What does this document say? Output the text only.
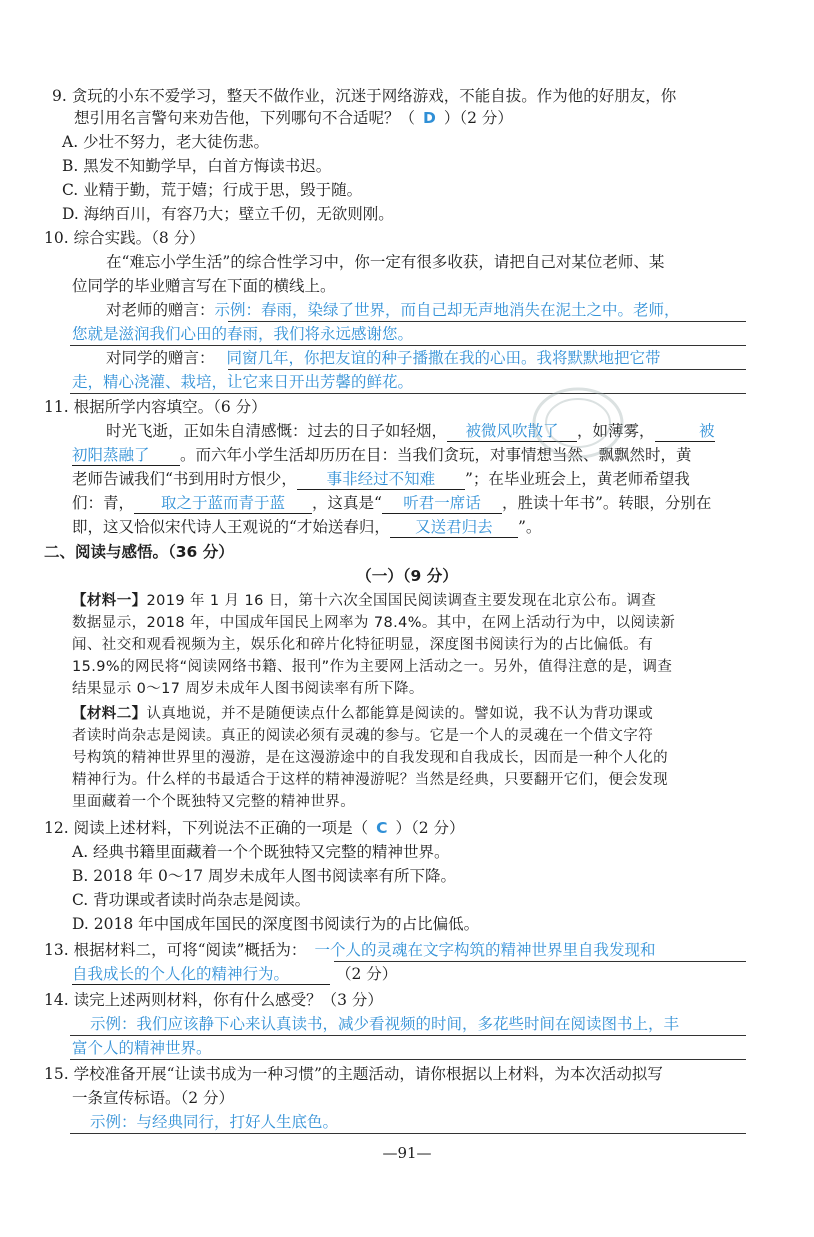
9. 贪玩的小东不爱学习，整天不做作业，沉迷于网络游戏，不能自拔。作为他的好朋友，你
想引用名言警句来劝告他，下列哪句不合适呢？（ D ）（2 分）
A. 少壮不努力，老大徒伤悲。
B. 黑发不知勤学早，白首方悔读书迟。
C. 业精于勤，荒于嬉；行成于思，毁于随。
D. 海纳百川，有容乃大；壁立千仞，无欲则刚。
10. 综合实践。（8 分）
在“难忘小学生活”的综合性学习中，你一定有很多收获，请把自己对某位老师、某
位同学的毕业赠言写在下面的横线上。
对老师的赠言：示例：春雨，染绿了世界，而自己却无声地消失在泥土之中。老师，
您就是滋润我们心田的春雨，我们将永远感谢您。
对同学的赠言： 同窗几年，你把友谊的种子播撒在我的心田。我将默默地把它带
走，精心浇灌、栽培，让它来日开出芳馨的鲜花。
11. 根据所学内容填空。（6 分）
时光飞逝，正如朱自清感慨：过去的日子如轻烟， 被微风吹散了 ，如薄雾，	被
初阳蒸融了 。而六年小学生活却历历在目：当我们贪玩，对事情想当然、飘飘然时，黄
老师告诫我们“书到用时方恨少， 事非经过不知难 ”；在毕业班会上，黄老师希望我
们：青， 取之于蓝而青于蓝 ，这真是“ 听君一席话 ，胜读十年书”。转眼，分别在
即，这又恰似宋代诗人王观说的“才始送春归， 又送君归去 ”。
二、阅读与感悟。（36 分）
（一）（9 分）
【材料一】2019 年 1 月 16 日，第十六次全国国民阅读调查主要发现在北京公布。调查
数据显示，2018 年，中国成年国民上网率为 78.4%。其中，在网上活动行为中，以阅读新
闻、社交和观看视频为主，娱乐化和碎片化特征明显，深度图书阅读行为的占比偏低。有
15.9%的网民将“阅读网络书籍、报刊”作为主要网上活动之一。另外，值得注意的是，调查
结果显示 0～17 周岁未成年人图书阅读率有所下降。
【材料二】认真地说，并不是随便读点什么都能算是阅读的。譬如说，我不认为背功课或
者读时尚杂志是阅读。真正的阅读必须有灵魂的参与。它是一个人的灵魂在一个借文字符
号构筑的精神世界里的漫游，是在这漫游途中的自我发现和自我成长，因而是一种个人化的
精神行为。什么样的书最适合于这样的精神漫游呢？当然是经典，只要翻开它们，便会发现
里面藏着一个个既独特又完整的精神世界。
12. 阅读上述材料，下列说法不正确的一项是（ C ）（2 分）
A. 经典书籍里面藏着一个个既独特又完整的精神世界。
B. 2018 年 0～17 周岁未成年人图书阅读率有所下降。
C. 背功课或者读时尚杂志是阅读。
D. 2018 年中国成年国民的深度图书阅读行为的占比偏低。
13. 根据材料二，可将“阅读”概括为： 一个人的灵魂在文字构筑的精神世界里自我发现和
自我成长的个人化的精神行为。	（2 分）
14. 读完上述两则材料，你有什么感受？（3 分）
示例：我们应该静下心来认真读书，减少看视频的时间，多花些时间在阅读图书上，丰
富个人的精神世界。
15. 学校准备开展“让读书成为一种习惯”的主题活动，请你根据以上材料，为本次活动拟写
一条宣传标语。（2 分）
示例：与经典同行，打好人生底色。
—91—
